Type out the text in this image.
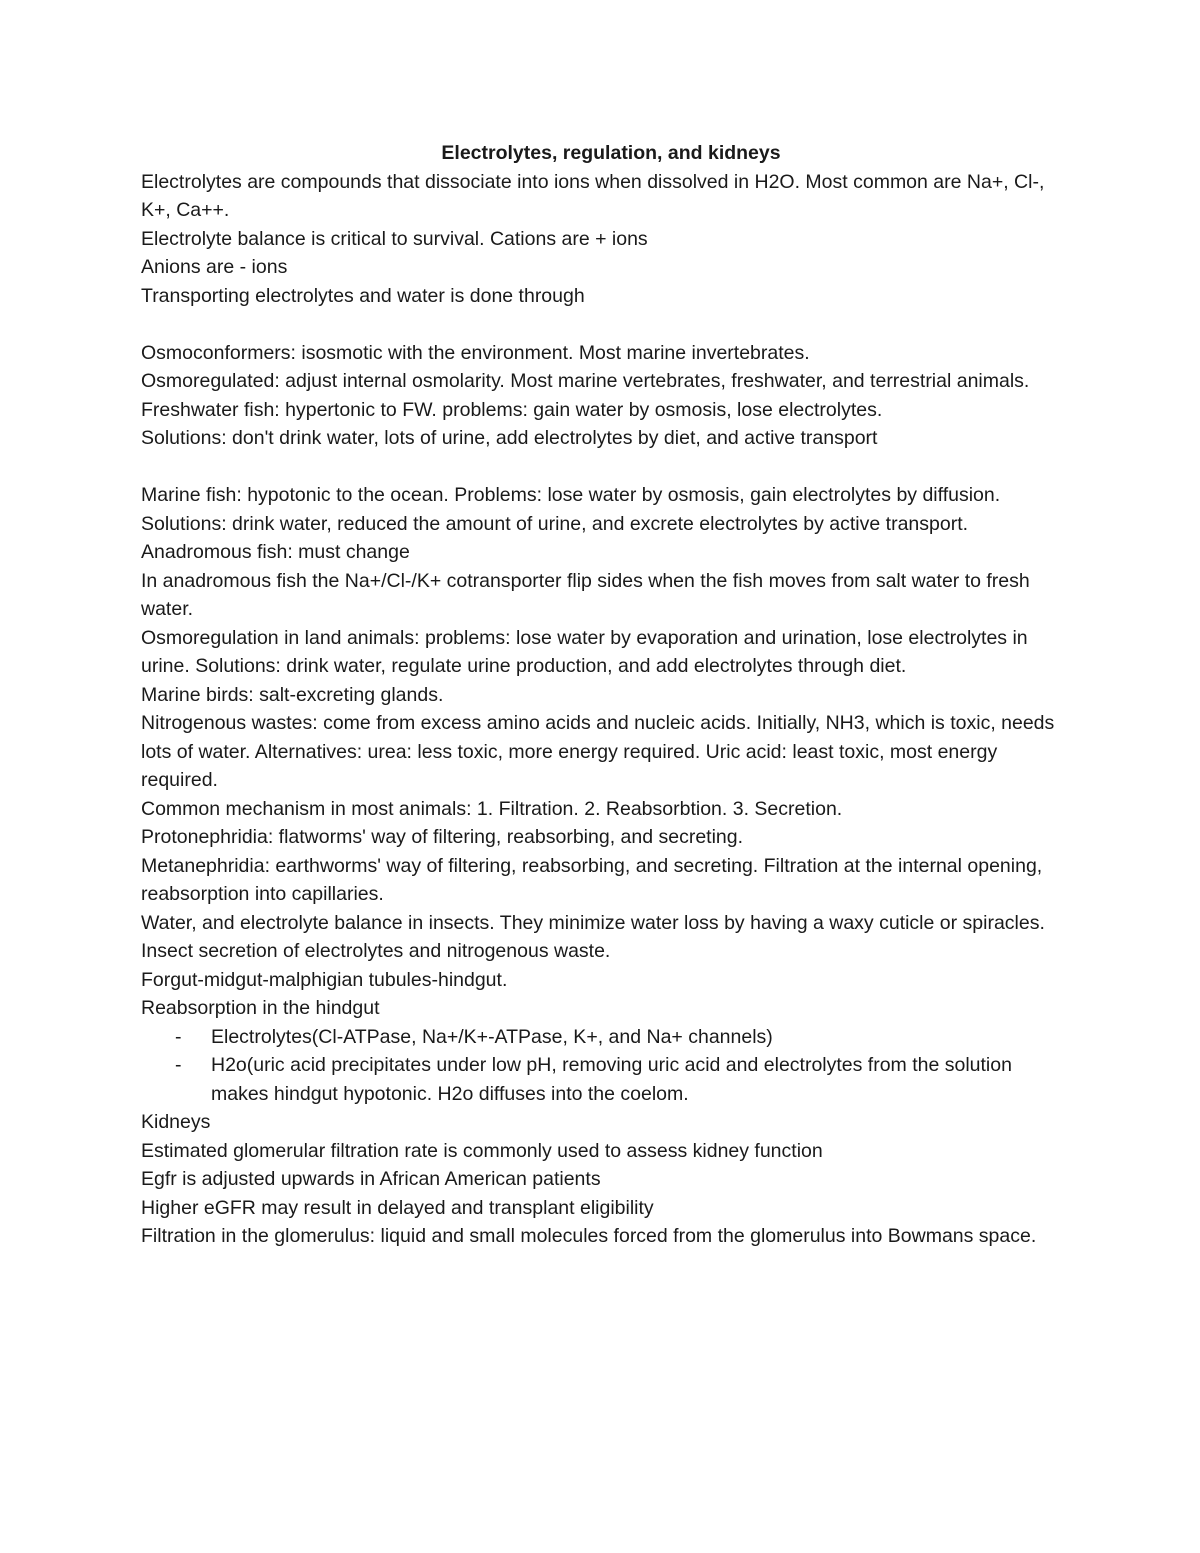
Electrolytes, regulation, and kidneys

Electrolytes are compounds that dissociate into ions when dissolved in H2O. Most common are Na+, Cl-, K+, Ca++.

Electrolyte balance is critical to survival. Cations are + ions

Anions are - ions

Transporting electrolytes and water is done through

Osmoconformers: isosmotic with the environment. Most marine invertebrates.

Osmoregulated: adjust internal osmolarity. Most marine vertebrates, freshwater, and terrestrial animals.

Freshwater fish: hypertonic to FW. problems: gain water by osmosis, lose electrolytes.

Solutions: don't drink water, lots of urine, add electrolytes by diet, and active transport

Marine fish: hypotonic to the ocean. Problems: lose water by osmosis, gain electrolytes by diffusion. Solutions: drink water, reduced the amount of urine, and excrete electrolytes by active transport.

Anadromous fish: must change

In anadromous fish the Na+/Cl-/K+ cotransporter flip sides when the fish moves from salt water to fresh water.

Osmoregulation in land animals: problems: lose water by evaporation and urination, lose electrolytes in urine. Solutions: drink water, regulate urine production, and add electrolytes through diet.

Marine birds: salt-excreting glands.

Nitrogenous wastes: come from excess amino acids and nucleic acids. Initially, NH3, which is toxic, needs lots of water. Alternatives: urea: less toxic, more energy required. Uric acid: least toxic, most energy required.

Common mechanism in most animals: 1. Filtration. 2. Reabsorbtion. 3. Secretion.

Protonephridia: flatworms' way of filtering, reabsorbing, and secreting.

Metanephridia: earthworms' way of filtering, reabsorbing, and secreting. Filtration at the internal opening, reabsorption into capillaries.

Water, and electrolyte balance in insects. They minimize water loss by having a waxy cuticle or spiracles.

Insect secretion of electrolytes and nitrogenous waste.

Forgut-midgut-malphigian tubules-hindgut.

Reabsorption in the hindgut

- Electrolytes(Cl-ATPase, Na+/K+-ATPase, K+, and Na+ channels)
- H2o(uric acid precipitates under low pH, removing uric acid and electrolytes from the solution makes hindgut hypotonic. H2o diffuses into the coelom.

Kidneys

Estimated glomerular filtration rate is commonly used to assess kidney function

Egfr is adjusted upwards in African American patients

Higher eGFR may result in delayed and transplant eligibility

Filtration in the glomerulus: liquid and small molecules forced from the glomerulus into Bowmans space.
